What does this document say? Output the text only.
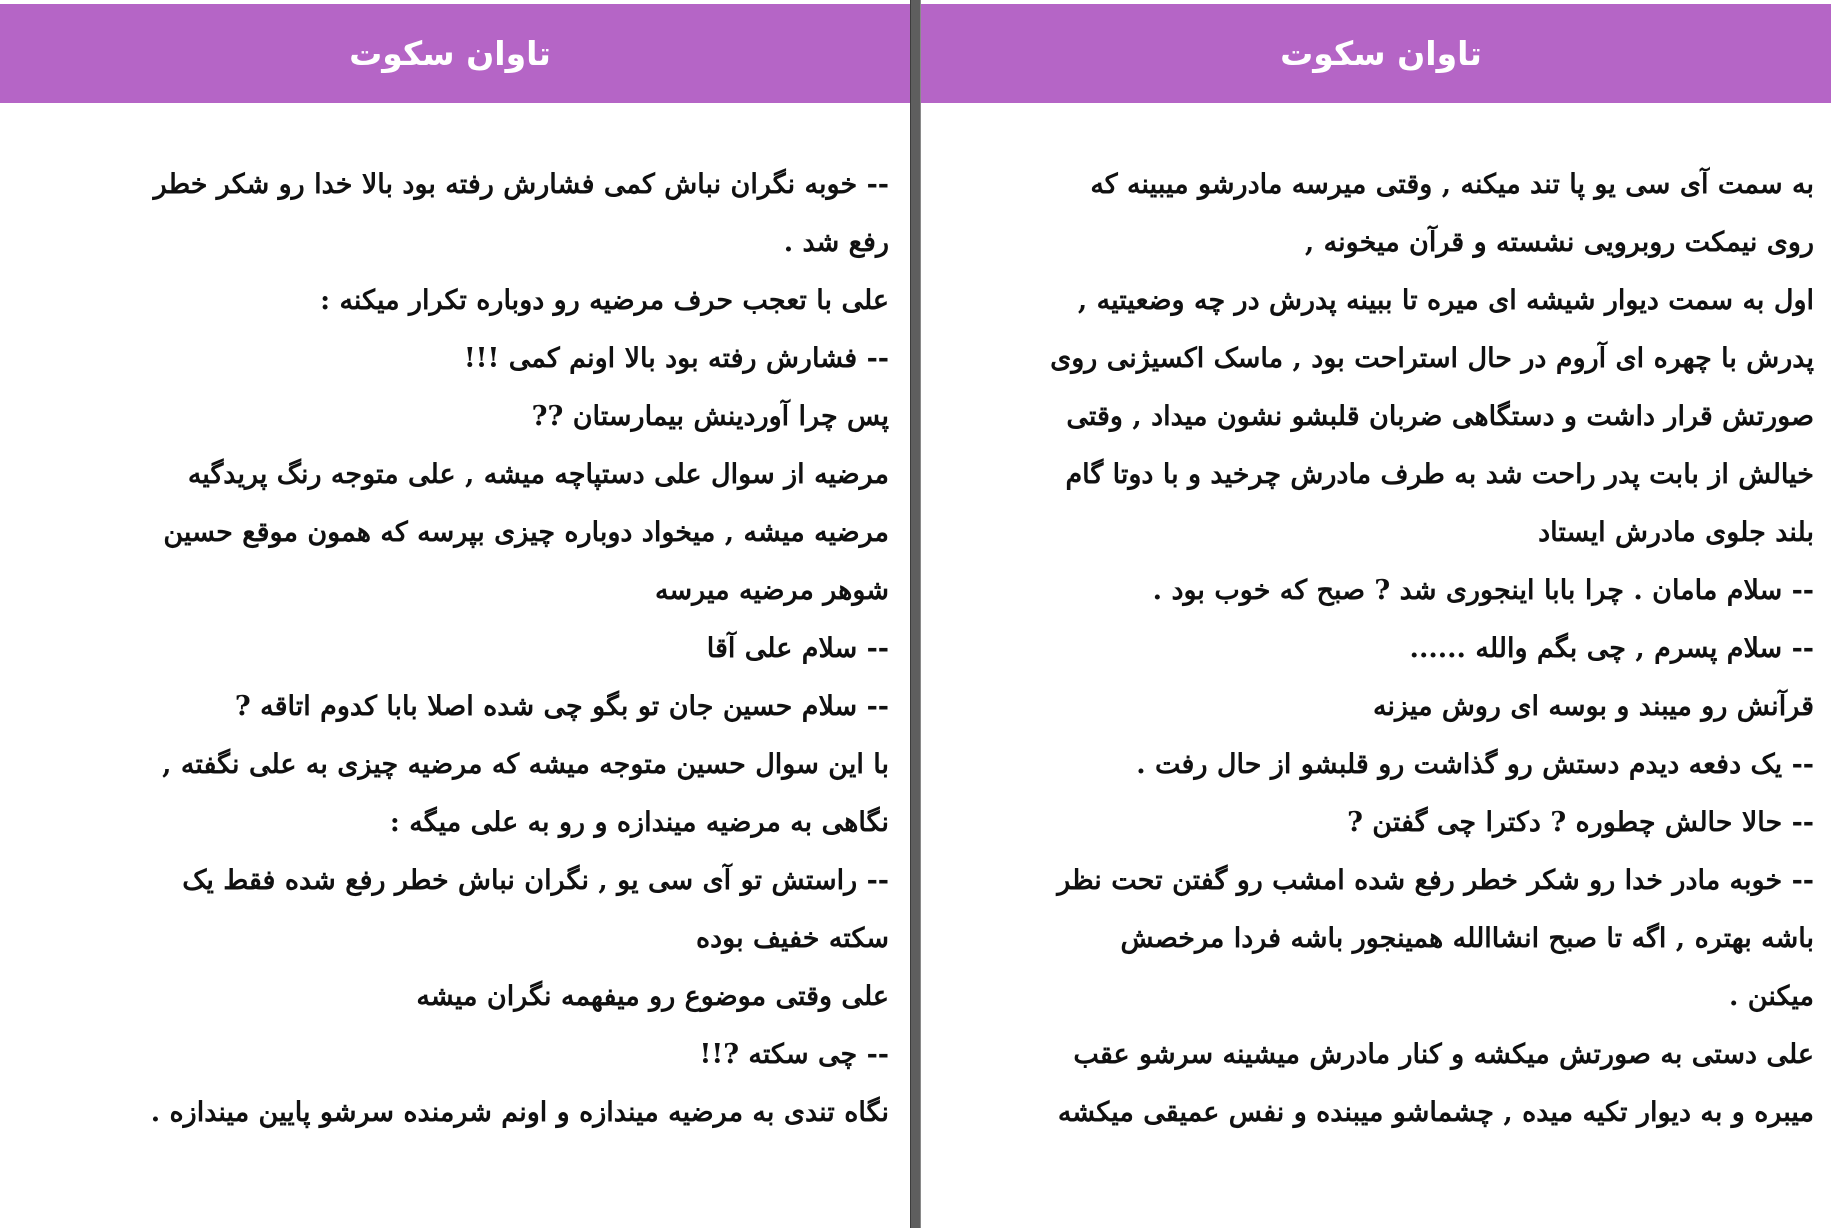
تاوان سکوت
-- خوبه نگران نباش کمی فشارش رفته بود بالا خدا رو شکر خطر
رفع شد .
علی با تعجب حرف مرضیه رو دوباره تکرار میکنه :
-- فشارش رفته بود بالا اونم کمی !!!
پس چرا آوردینش بیمارستان ??
مرضیه از سوال علی دستپاچه میشه , علی متوجه رنگ پریدگیه
مرضیه میشه , میخواد دوباره چیزی بپرسه که همون موقع حسین
شوهر مرضیه میرسه
-- سلام علی آقا
-- سلام حسین جان تو بگو چی شده اصلا بابا کدوم اتاقه ?
با این سوال حسین متوجه میشه که مرضیه چیزی به علی نگفته ,
نگاهی به مرضیه میندازه و رو به علی میگه :
-- راستش تو آی سی یو , نگران نباش خطر رفع شده فقط یک
سکته خفیف بوده
علی وقتی موضوع رو میفهمه نگران میشه
-- چی سکته ?!!
نگاه تندی به مرضیه میندازه و اونم شرمنده سرشو پایین میندازه .
تاوان سکوت
به سمت آی سی یو پا تند میکنه , وقتی میرسه مادرشو میبینه که
روی نیمکت روبرویی نشسته و قرآن میخونه ,
اول به سمت دیوار شیشه ای میره تا ببینه پدرش در چه وضعیتیه ,
پدرش با چهره ای آروم در حال استراحت بود , ماسک اکسیژنی روی
صورتش قرار داشت و دستگاهی ضربان قلبشو نشون میداد , وقتی
خیالش از بابت پدر راحت شد به طرف مادرش چرخید و با دوتا گام
بلند جلوی مادرش ایستاد
-- سلام مامان . چرا بابا اینجوری شد ? صبح که خوب بود .
-- سلام پسرم , چی بگم والله ......
قرآنش رو میبند و بوسه ای روش میزنه
-- یک دفعه دیدم دستش رو گذاشت رو قلبشو از حال رفت .
-- حالا حالش چطوره ? دکترا چی گفتن ?
-- خوبه مادر خدا رو شکر خطر رفع شده امشب رو گفتن تحت نظر
باشه بهتره , اگه تا صبح انشاالله همینجور باشه فردا مرخصش
میکنن .
علی دستی به صورتش میکشه و کنار مادرش میشینه سرشو عقب
میبره و به دیوار تکیه میده , چشماشو میبنده و نفس عمیقی میکشه
